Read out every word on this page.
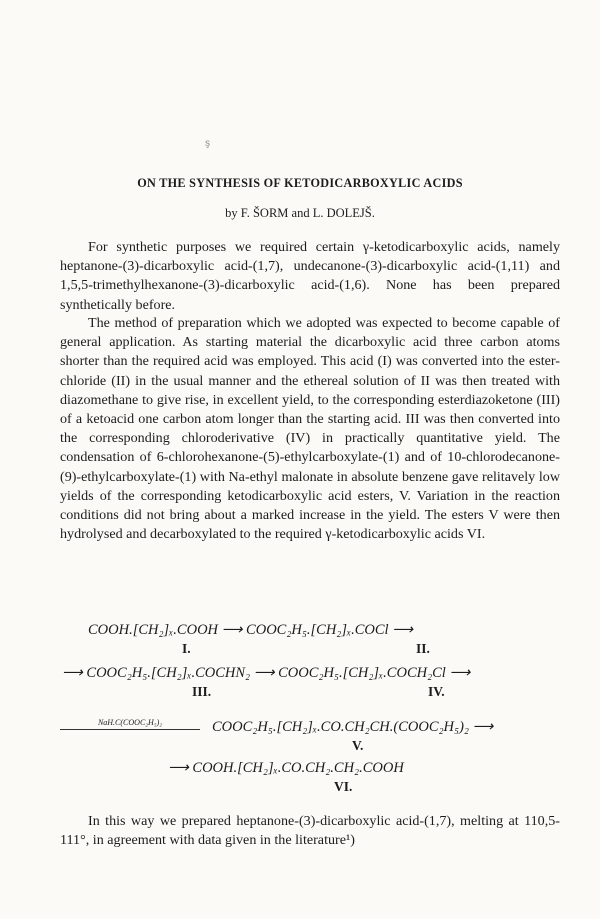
ş
ON THE SYNTHESIS OF KETODICARBOXYLIC ACIDS
by F. ŠORM and L. DOLEJŠ.

For synthetic purposes we required certain γ-ketodicarboxylic acids, namely heptanone-(3)-dicarboxylic acid-(1,7), undecanone-(3)-dicarboxylic acid-(1,11) and 1,5,5-trimethylhexanone-(3)-dicarboxylic acid-(1,6). None has been prepared synthetically before.

The method of preparation which we adopted was expected to become capable of general application. As starting material the dicarboxylic acid three carbon atoms shorter than the required acid was employed. This acid (I) was converted into the ester-chloride (II) in the usual manner and the ethereal solution of II was then treated with diazomethane to give rise, in excellent yield, to the corresponding esterdiazoketone (III) of a ketoacid one carbon atom longer than the starting acid. III was then converted into the corresponding chloroderivative (IV) in practically quantitative yield. The condensation of 6-chlorohexanone-(5)-ethylcarboxylate-(1) and of 10-chlorodecanone-(9)-ethylcarboxylate-(1) with Na-ethyl malonate in absolute benzene gave relitavely low yields of the corresponding ketodicarboxylic acid esters, V. Variation in the reaction conditions did not bring about a marked increase in the yield. The esters V were then hydrolysed and decarboxylated to the required γ-ketodicarboxylic acids VI.

COOH.[CH₂]ₓ.COOH ⟶ COOC₂H₅.[CH₂]ₓ.COCl ⟶
I.	II.
⟶ COOC₂H₅.[CH₂]ₓ.COCHN₂ ⟶ COOC₂H₅.[CH₂]ₓ.COCH₂Cl ⟶
III.	IV.
NaH.C(COOC₂H₅)₂	COOC₂H₅.[CH₂]ₓ.CO.CH₂CH.(COOC₂H₅)₂ ⟶
V.
⟶ COOH.[CH₂]ₓ.CO.CH₂.CH₂.COOH
VI.

In this way we prepared heptanone-(3)-dicarboxylic acid-(1,7), melting at 110,5-111°, in agreement with data given in the literature¹)
